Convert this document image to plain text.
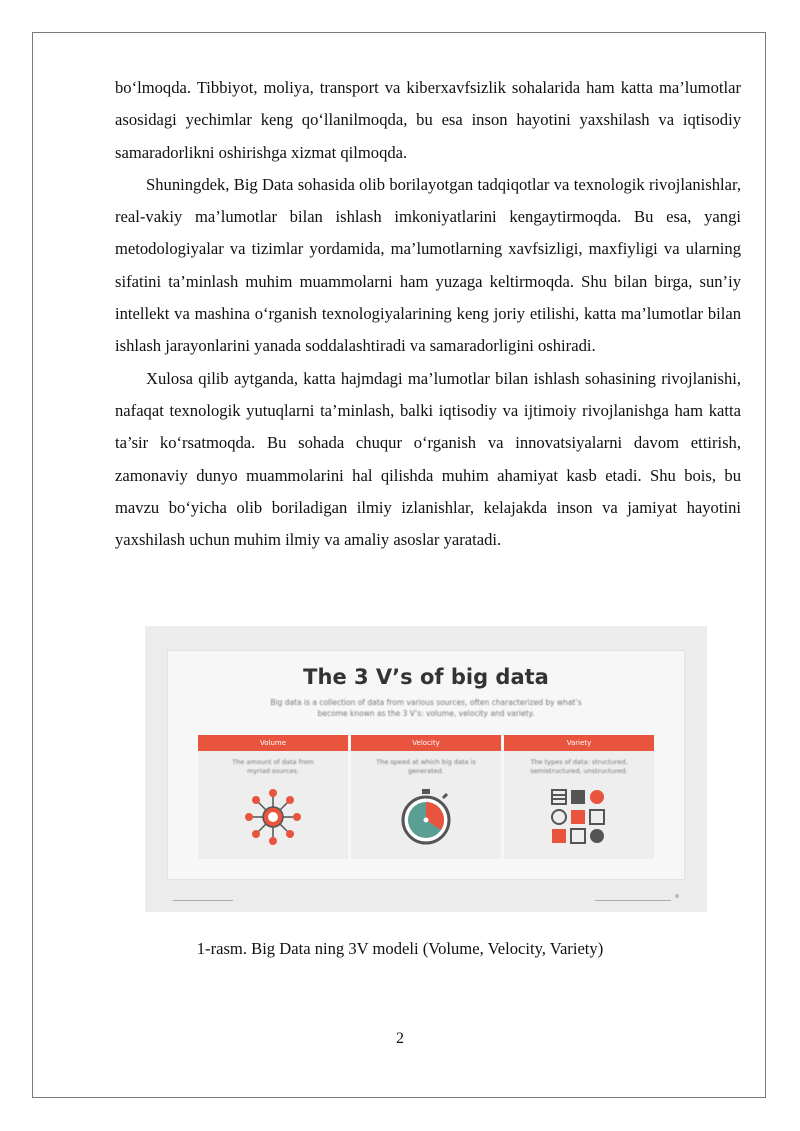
bo‘lmoqda. Tibbiyot, moliya, transport va kiberxavfsizlik sohalarida ham katta ma’lumotlar asosidagi yechimlar keng qo‘llanilmoqda, bu esa inson hayotini yaxshilash va iqtisodiy samaradorlikni oshirishga xizmat qilmoqda.

Shuningdek, Big Data sohasida olib borilayotgan tadqiqotlar va texnologik rivojlanishlar, real-vakiy ma’lumotlar bilan ishlash imkoniyatlarini kengaytirmoqda. Bu esa, yangi metodologiyalar va tizimlar yordamida, ma’lumotlarning xavfsizligi, maxfiyligi va ularning sifatini ta’minlash muhim muammolarni ham yuzaga keltirmoqda. Shu bilan birga, sun’iy intellekt va mashina o‘rganish texnologiyalarining keng joriy etilishi, katta ma’lumotlar bilan ishlash jarayonlarini yanada soddalashtiradi va samaradorligini oshiradi.

Xulosa qilib aytganda, katta hajmdagi ma’lumotlar bilan ishlash sohasining rivojlanishi, nafaqat texnologik yutuqlarni ta’minlash, balki iqtisodiy va ijtimoiy rivojlanishga ham katta ta’sir ko‘rsatmoqda. Bu sohada chuqur o‘rganish va innovatsiyalarni davom ettirish, zamonaviy dunyo muammolarini hal qilishda muhim ahamiyat kasb etadi. Shu bois, bu mavzu bo‘yicha olib boriladigan ilmiy izlanishlar, kelajakda inson va jamiyat hayotini yaxshilash uchun muhim ilmiy va amaliy asoslar yaratadi.

The 3 V’s of big data
Big data is a collection of data from various sources, often characterized by what’s become known as the 3 V’s: volume, velocity and variety.
Volume
The amount of data from myriad sources.
Velocity
The speed at which big data is generated.
Variety
The types of data: structured, semistructured, unstructured.
1-rasm. Big Data ning 3V modeli (Volume, Velocity, Variety)
2
